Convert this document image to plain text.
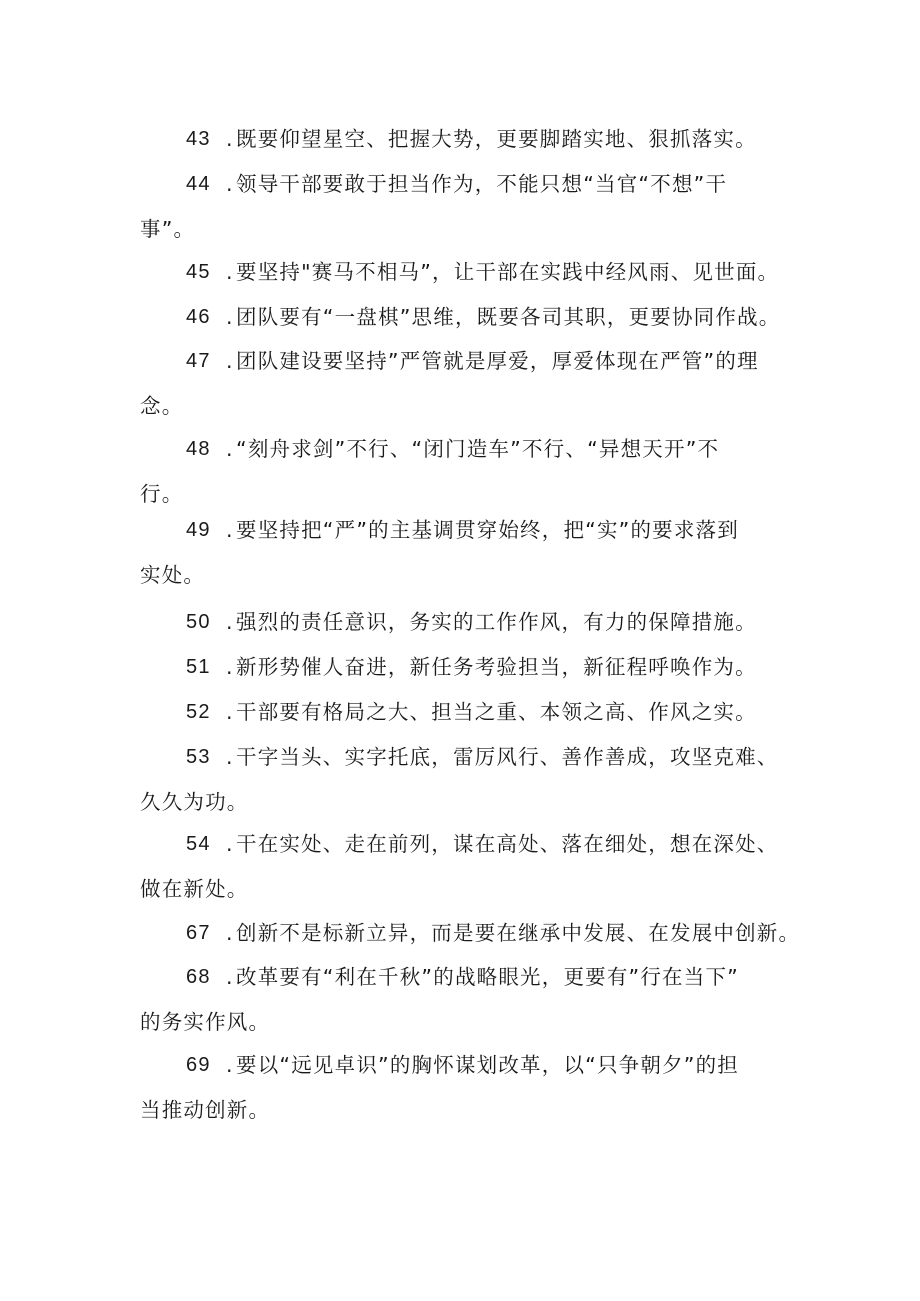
43 . 既要仰望星空、把握大势，更要脚踏实地、狠抓落实。
44 . 领导干部要敢于担当作为，不能只想“当官“不想”干
事”。
45 . 要坚持"赛马不相马”，让干部在实践中经风雨、见世面。
46 . 团队要有“一盘棋”思维，既要各司其职，更要协同作战。
47 . 团队建设要坚持”严管就是厚爱，厚爱体现在严管”的理
念。
48 . “刻舟求剑”不行、“闭门造车”不行、“异想天开”不
行。
49 . 要坚持把“严”的主基调贯穿始终，把“实”的要求落到
实处。
50 . 强烈的责任意识，务实的工作作风，有力的保障措施。
51 . 新形势催人奋进，新任务考验担当，新征程呼唤作为。
52 . 干部要有格局之大、担当之重、本领之高、作风之实。
53 . 干字当头、实字托底，雷厉风行、善作善成，攻坚克难、
久久为功。
54 . 干在实处、走在前列，谋在高处、落在细处，想在深处、
做在新处。
67 . 创新不是标新立异，而是要在继承中发展、在发展中创新。
68 . 改革要有“利在千秋”的战略眼光，更要有”行在当下”
的务实作风。
69 . 要以“远见卓识”的胸怀谋划改革，以“只争朝夕”的担
当推动创新。
